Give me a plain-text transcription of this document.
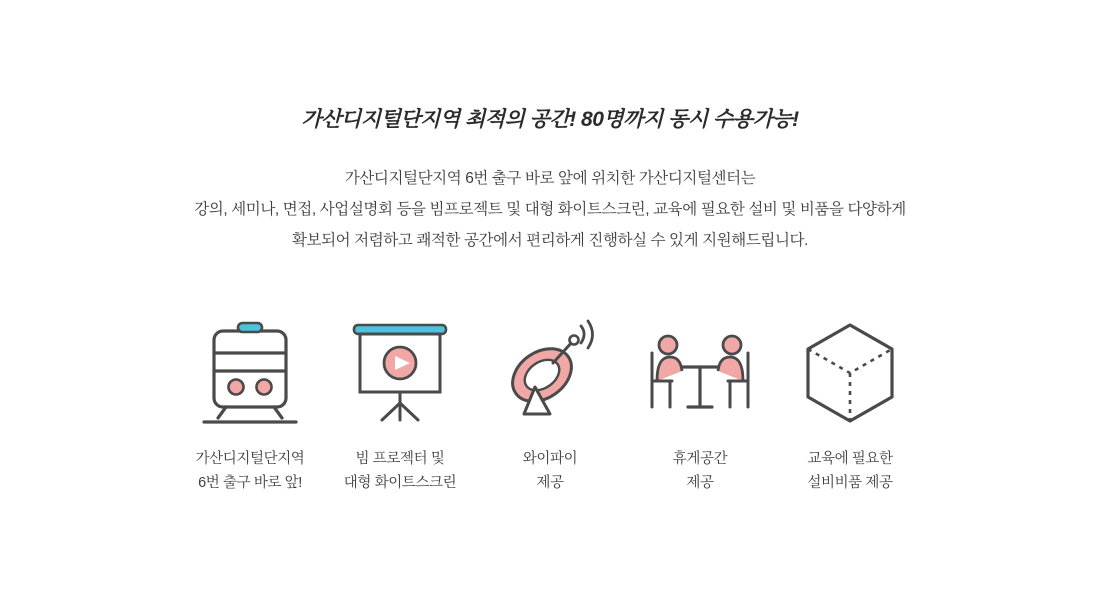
가산디지털단지역 최적의 공간! 80명까지 동시 수용가능!
가산디지털단지역 6번 출구 바로 앞에 위치한 가산디지털센터는
강의, 세미나, 면접, 사업설명회 등을 빔프로젝트 및 대형 화이트스크린, 교육에 필요한 설비 및 비품을 다양하게
확보되어 저렴하고 쾌적한 공간에서 편리하게 진행하실 수 있게 지원해드립니다.
가산디지털단지역
6번 출구 바로 앞!
빔 프로젝터 및
대형 화이트스크린
와이파이
제공
휴게공간
제공
교육에 필요한
설비비품 제공
